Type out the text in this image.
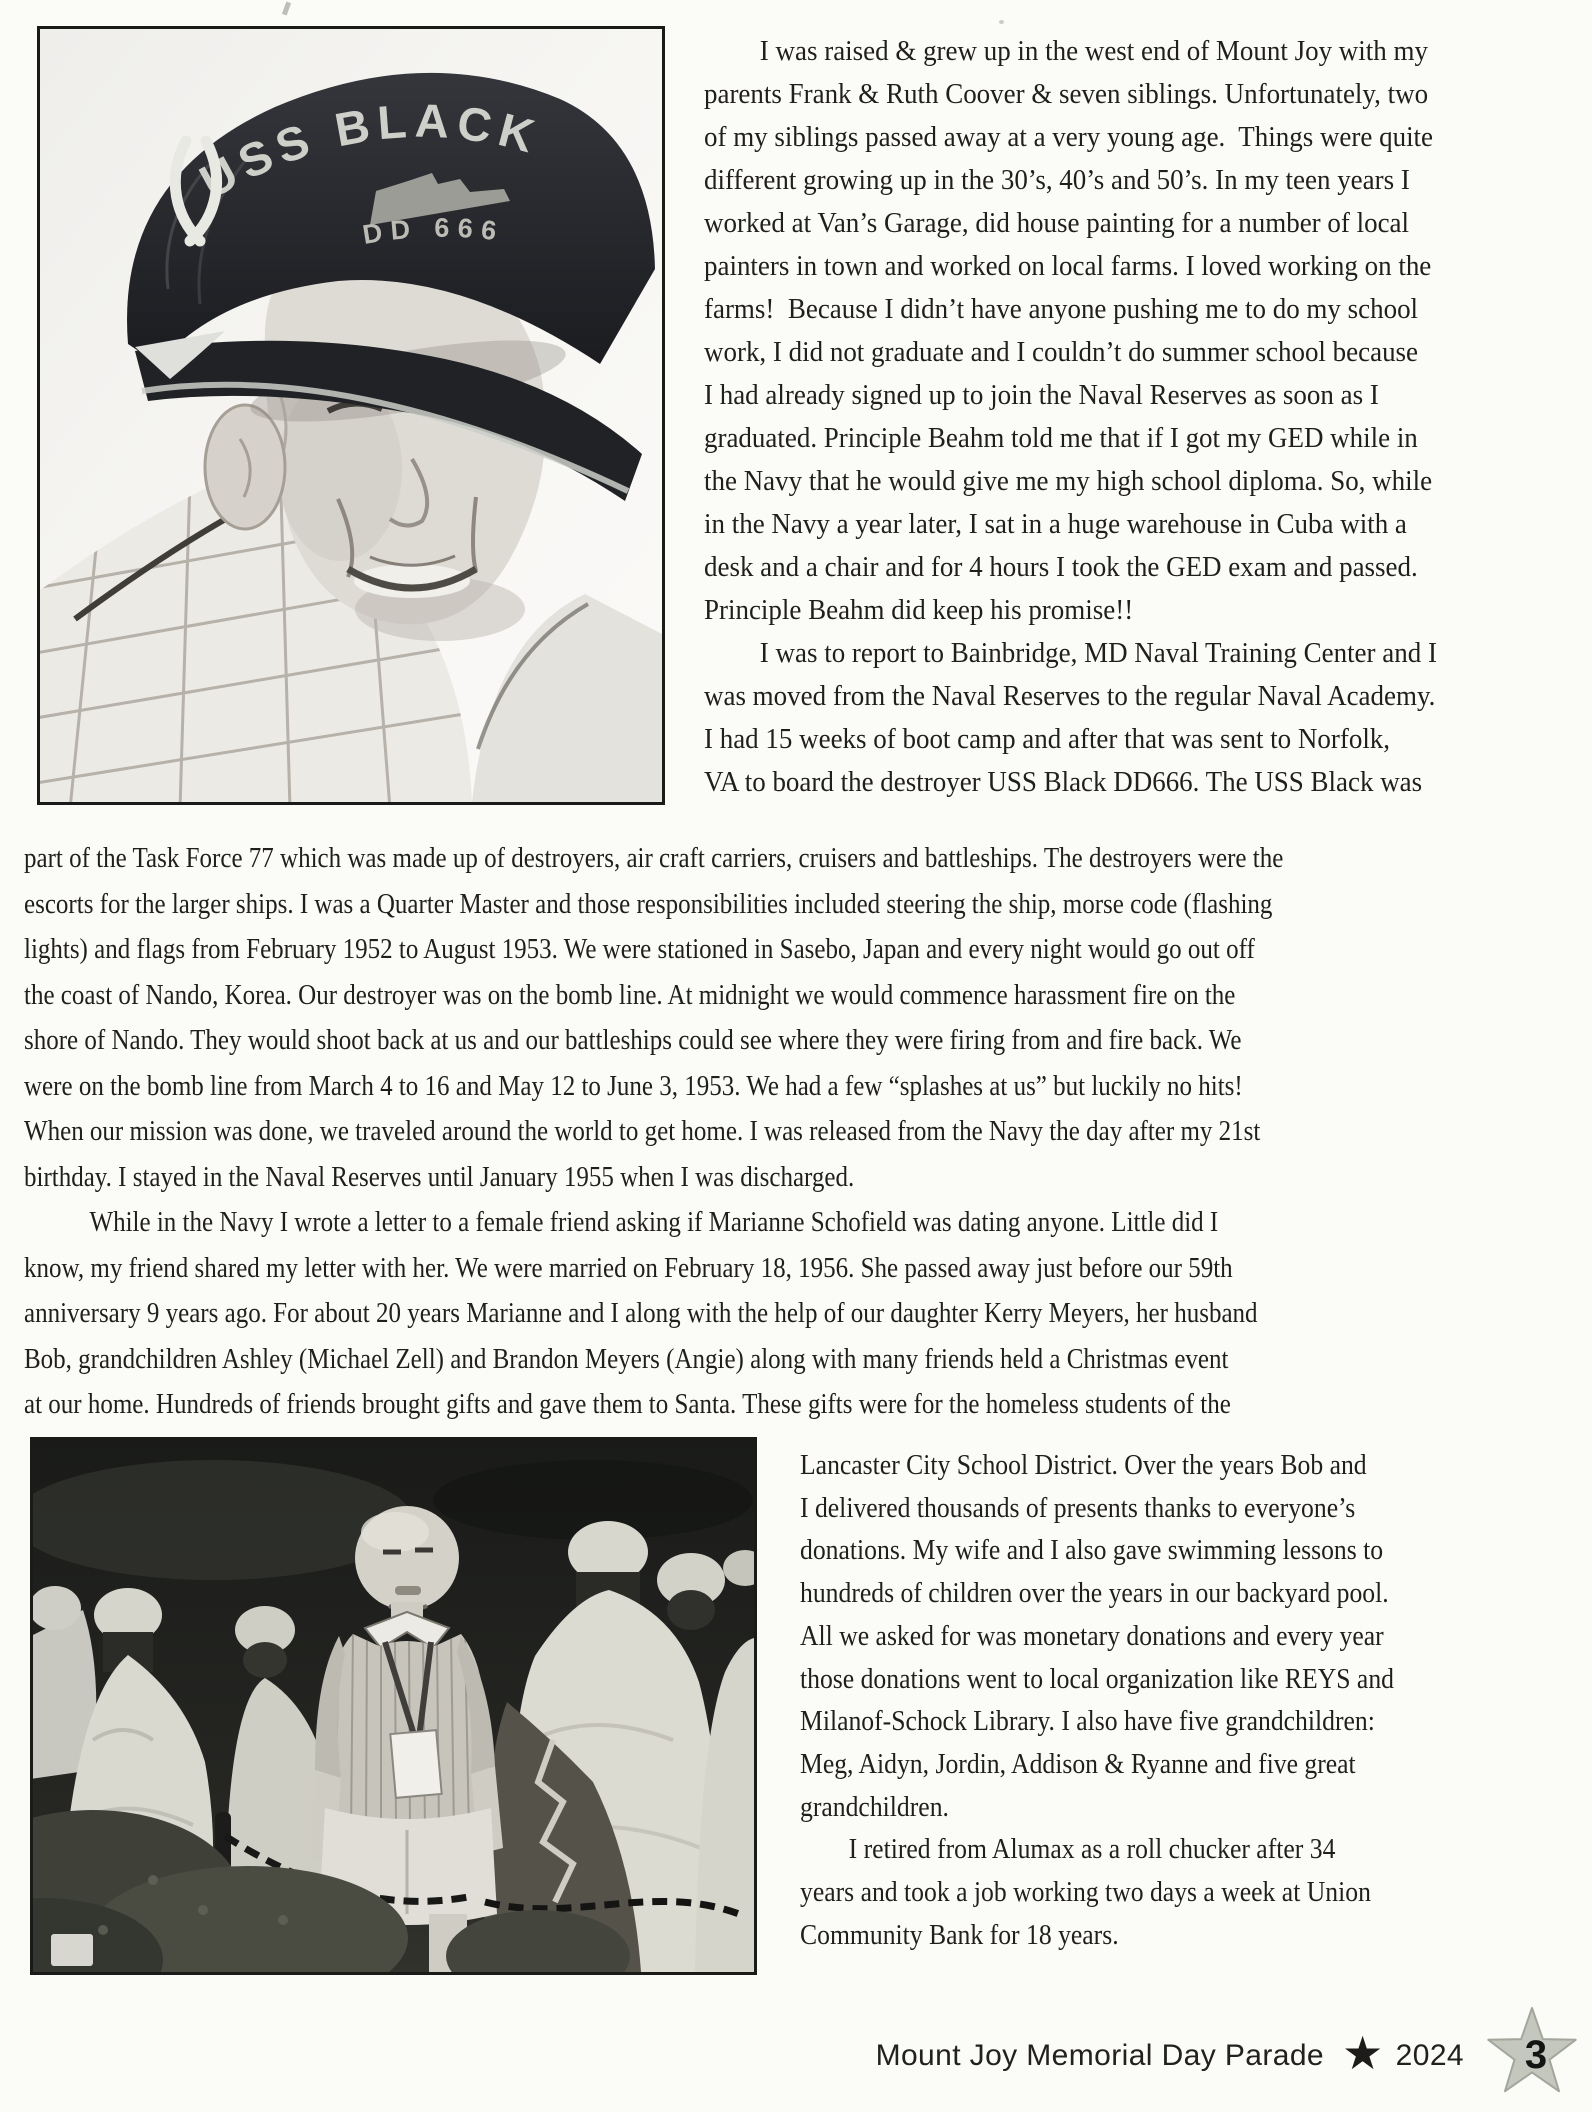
USS BLACK
DD 666
I was raised & grew up in the west end of Mount Joy with my
parents Frank & Ruth Coover & seven siblings. Unfortunately, two
of my siblings passed away at a very young age.  Things were quite
different growing up in the 30’s, 40’s and 50’s. In my teen years I
worked at Van’s Garage, did house painting for a number of local
painters in town and worked on local farms. I loved working on the
farms!  Because I didn’t have anyone pushing me to do my school
work, I did not graduate and I couldn’t do summer school because
I had already signed up to join the Naval Reserves as soon as I
graduated. Principle Beahm told me that if I got my GED while in
the Navy that he would give me my high school diploma. So, while
in the Navy a year later, I sat in a huge warehouse in Cuba with a
desk and a chair and for 4 hours I took the GED exam and passed.
Principle Beahm did keep his promise!!
I was to report to Bainbridge, MD Naval Training Center and I
was moved from the Naval Reserves to the regular Naval Academy.
I had 15 weeks of boot camp and after that was sent to Norfolk,
VA to board the destroyer USS Black DD666. The USS Black was
part of the Task Force 77 which was made up of destroyers, air craft carriers, cruisers and battleships. The destroyers were the
escorts for the larger ships. I was a Quarter Master and those responsibilities included steering the ship, morse code (flashing
lights) and flags from February 1952 to August 1953. We were stationed in Sasebo, Japan and every night would go out off
the coast of Nando, Korea. Our destroyer was on the bomb line. At midnight we would commence harassment fire on the
shore of Nando. They would shoot back at us and our battleships could see where they were firing from and fire back. We
were on the bomb line from March 4 to 16 and May 12 to June 3, 1953. We had a few “splashes at us” but luckily no hits!
When our mission was done, we traveled around the world to get home. I was released from the Navy the day after my 21st
birthday. I stayed in the Naval Reserves until January 1955 when I was discharged.
While in the Navy I wrote a letter to a female friend asking if Marianne Schofield was dating anyone. Little did I
know, my friend shared my letter with her. We were married on February 18, 1956. She passed away just before our 59th
anniversary 9 years ago. For about 20 years Marianne and I along with the help of our daughter Kerry Meyers, her husband
Bob, grandchildren Ashley (Michael Zell) and Brandon Meyers (Angie) along with many friends held a Christmas event
at our home. Hundreds of friends brought gifts and gave them to Santa. These gifts were for the homeless students of the
Lancaster City School District. Over the years Bob and
I delivered thousands of presents thanks to everyone’s
donations. My wife and I also gave swimming lessons to
hundreds of children over the years in our backyard pool.
All we asked for was monetary donations and every year
those donations went to local organization like REYS and
Milanof-Schock Library. I also have five grandchildren:
Meg, Aidyn, Jordin, Addison & Ryanne and five great
grandchildren.
I retired from Alumax as a roll chucker after 34
years and took a job working two days a week at Union
Community Bank for 18 years.
Mount Joy Memorial Day Parade ★ 2024 3
